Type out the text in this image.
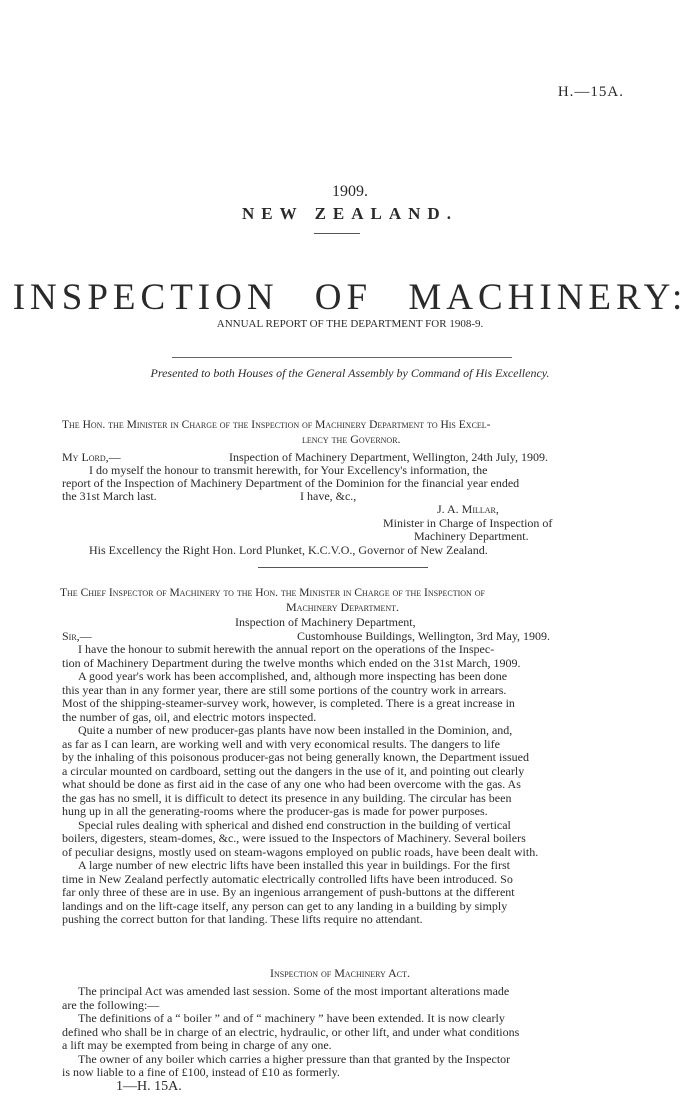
H.—15A.
1909.
NEW ZEALAND.
INSPECTION OF MACHINERY:
ANNUAL REPORT OF THE DEPARTMENT FOR 1908-9.
Presented to both Houses of the General Assembly by Command of His Excellency.
The Hon. the Minister in Charge of the Inspection of Machinery Department to His Excel-
lency the Governor.
My Lord,—	Inspection of Machinery Department, Wellington, 24th July, 1909.
I do myself the honour to transmit herewith, for Your Excellency's information, the
report of the Inspection of Machinery Department of the Dominion for the financial year ended
the 31st March last.	I have, &c.,
J. A. Millar,
Minister in Charge of Inspection of
Machinery Department.
His Excellency the Right Hon. Lord Plunket, K.C.V.O., Governor of New Zealand.
The Chief Inspector of Machinery to the Hon. the Minister in Charge of the Inspection of
Machinery Department.
Inspection of Machinery Department,
Sir,—	Customhouse Buildings, Wellington, 3rd May, 1909.
I have the honour to submit herewith the annual report on the operations of the Inspec-
tion of Machinery Department during the twelve months which ended on the 31st March, 1909.
A good year's work has been accomplished, and, although more inspecting has been done
this year than in any former year, there are still some portions of the country work in arrears.
Most of the shipping-steamer-survey work, however, is completed. There is a great increase in
the number of gas, oil, and electric motors inspected.
Quite a number of new producer-gas plants have now been installed in the Dominion, and,
as far as I can learn, are working well and with very economical results. The dangers to life
by the inhaling of this poisonous producer-gas not being generally known, the Department issued
a circular mounted on cardboard, setting out the dangers in the use of it, and pointing out clearly
what should be done as first aid in the case of any one who had been overcome with the gas. As
the gas has no smell, it is difficult to detect its presence in any building. The circular has been
hung up in all the generating-rooms where the producer-gas is made for power purposes.
Special rules dealing with spherical and dished end construction in the building of vertical
boilers, digesters, steam-domes, &c., were issued to the Inspectors of Machinery. Several boilers
of peculiar designs, mostly used on steam-wagons employed on public roads, have been dealt with.
A large number of new electric lifts have been installed this year in buildings. For the first
time in New Zealand perfectly automatic electrically controlled lifts have been introduced. So
far only three of these are in use. By an ingenious arrangement of push-buttons at the different
landings and on the lift-cage itself, any person can get to any landing in a building by simply
pushing the correct button for that landing. These lifts require no attendant.
Inspection of Machinery Act.
The principal Act was amended last session. Some of the most important alterations made
are the following:—
The definitions of a “ boiler ” and of “ machinery ” have been extended. It is now clearly
defined who shall be in charge of an electric, hydraulic, or other lift, and under what conditions
a lift may be exempted from being in charge of any one.
The owner of any boiler which carries a higher pressure than that granted by the Inspector
is now liable to a fine of £100, instead of £10 as formerly.
1—H. 15A.
